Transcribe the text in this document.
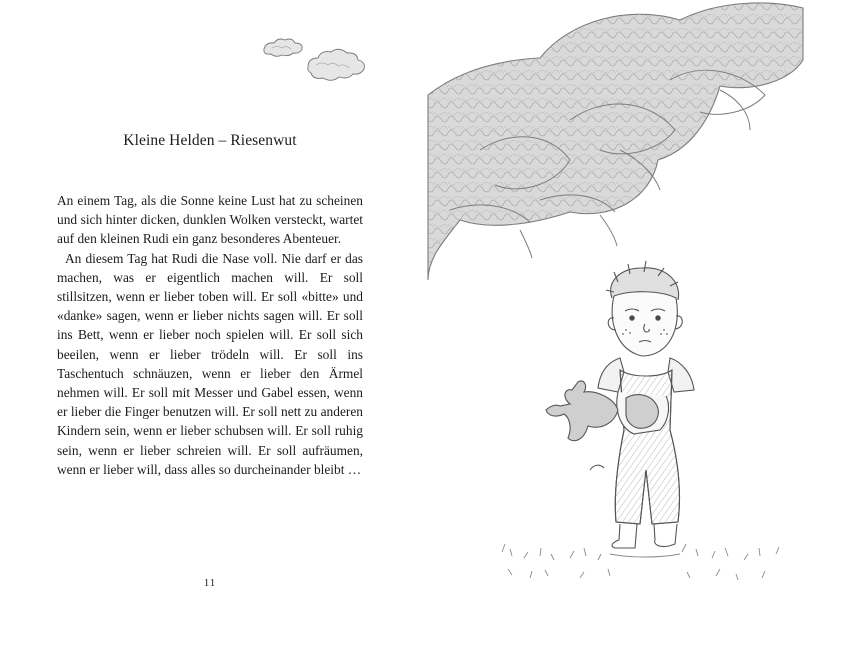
Kleine Helden – Riesenwut

An einem Tag, als die Sonne keine Lust hat zu scheinen und sich hinter dicken, dunklen Wolken versteckt, wartet auf den kleinen Rudi ein ganz besonderes Abenteuer.

An diesem Tag hat Rudi die Nase voll. Nie darf er das machen, was er eigentlich machen will. Er soll stillsitzen, wenn er lieber toben will. Er soll «bitte» und «danke» sagen, wenn er lieber nichts sagen will. Er soll ins Bett, wenn er lieber noch spielen will. Er soll sich beeilen, wenn er lieber trödeln will. Er soll ins Taschentuch schnäuzen, wenn er lieber den Ärmel nehmen will. Er soll mit Messer und Gabel essen, wenn er lieber die Finger benutzen will. Er soll nett zu anderen Kindern sein, wenn er lieber schubsen will. Er soll ruhig sein, wenn er lieber schreien will. Er soll aufräumen, wenn er lieber will, dass alles so durcheinander bleibt …

11
